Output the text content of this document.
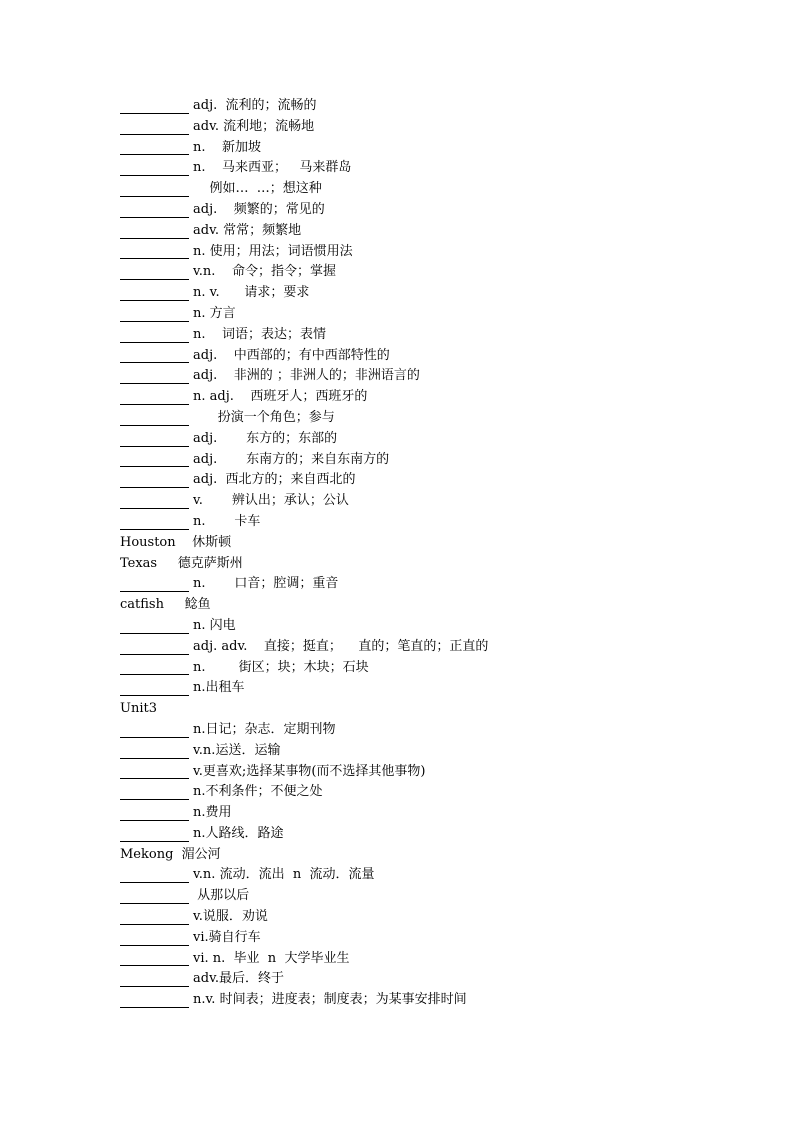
adj.  流利的；流畅的
adv. 流利地；流畅地
n.    新加坡
n.    马来西亚；   马来群岛
例如…  …；想这种
adj.    频繁的；常见的
adv. 常常；频繁地
n. 使用；用法；词语惯用法
v.n.    命令；指令；掌握
n. v.      请求；要求
n. 方言
n.    词语；表达；表情
adj.    中西部的；有中西部特性的
adj.    非洲的 ；非洲人的；非洲语言的
n. adj.    西班牙人；西班牙的
扮演一个角色；参与
adj.       东方的；东部的
adj.       东南方的；来自东南方的
adj.  西北方的；来自西北的
v.       辨认出；承认；公认
n.       卡车
Houston    休斯顿
Texas     德克萨斯州
n.       口音；腔调；重音
catfish     鲶鱼
n. 闪电
adj. adv.    直接；挺直；    直的；笔直的；正直的
n.        街区；块；木块；石块
n.出租车
Unit3
n.日记；杂志．定期刊物
v.n.运送．运输
v.更喜欢;选择某事物(而不选择其他事物)
n.不利条件；不便之处
n.费用
n.人路线．路途
Mekong  湄公河
v.n. 流动．流出  n  流动．流量
从那以后
v.说服．劝说
vi.骑自行车
vi. n.  毕业  n  大学毕业生
adv.最后．终于
n.v. 时间表；进度表；制度表；为某事安排时间
